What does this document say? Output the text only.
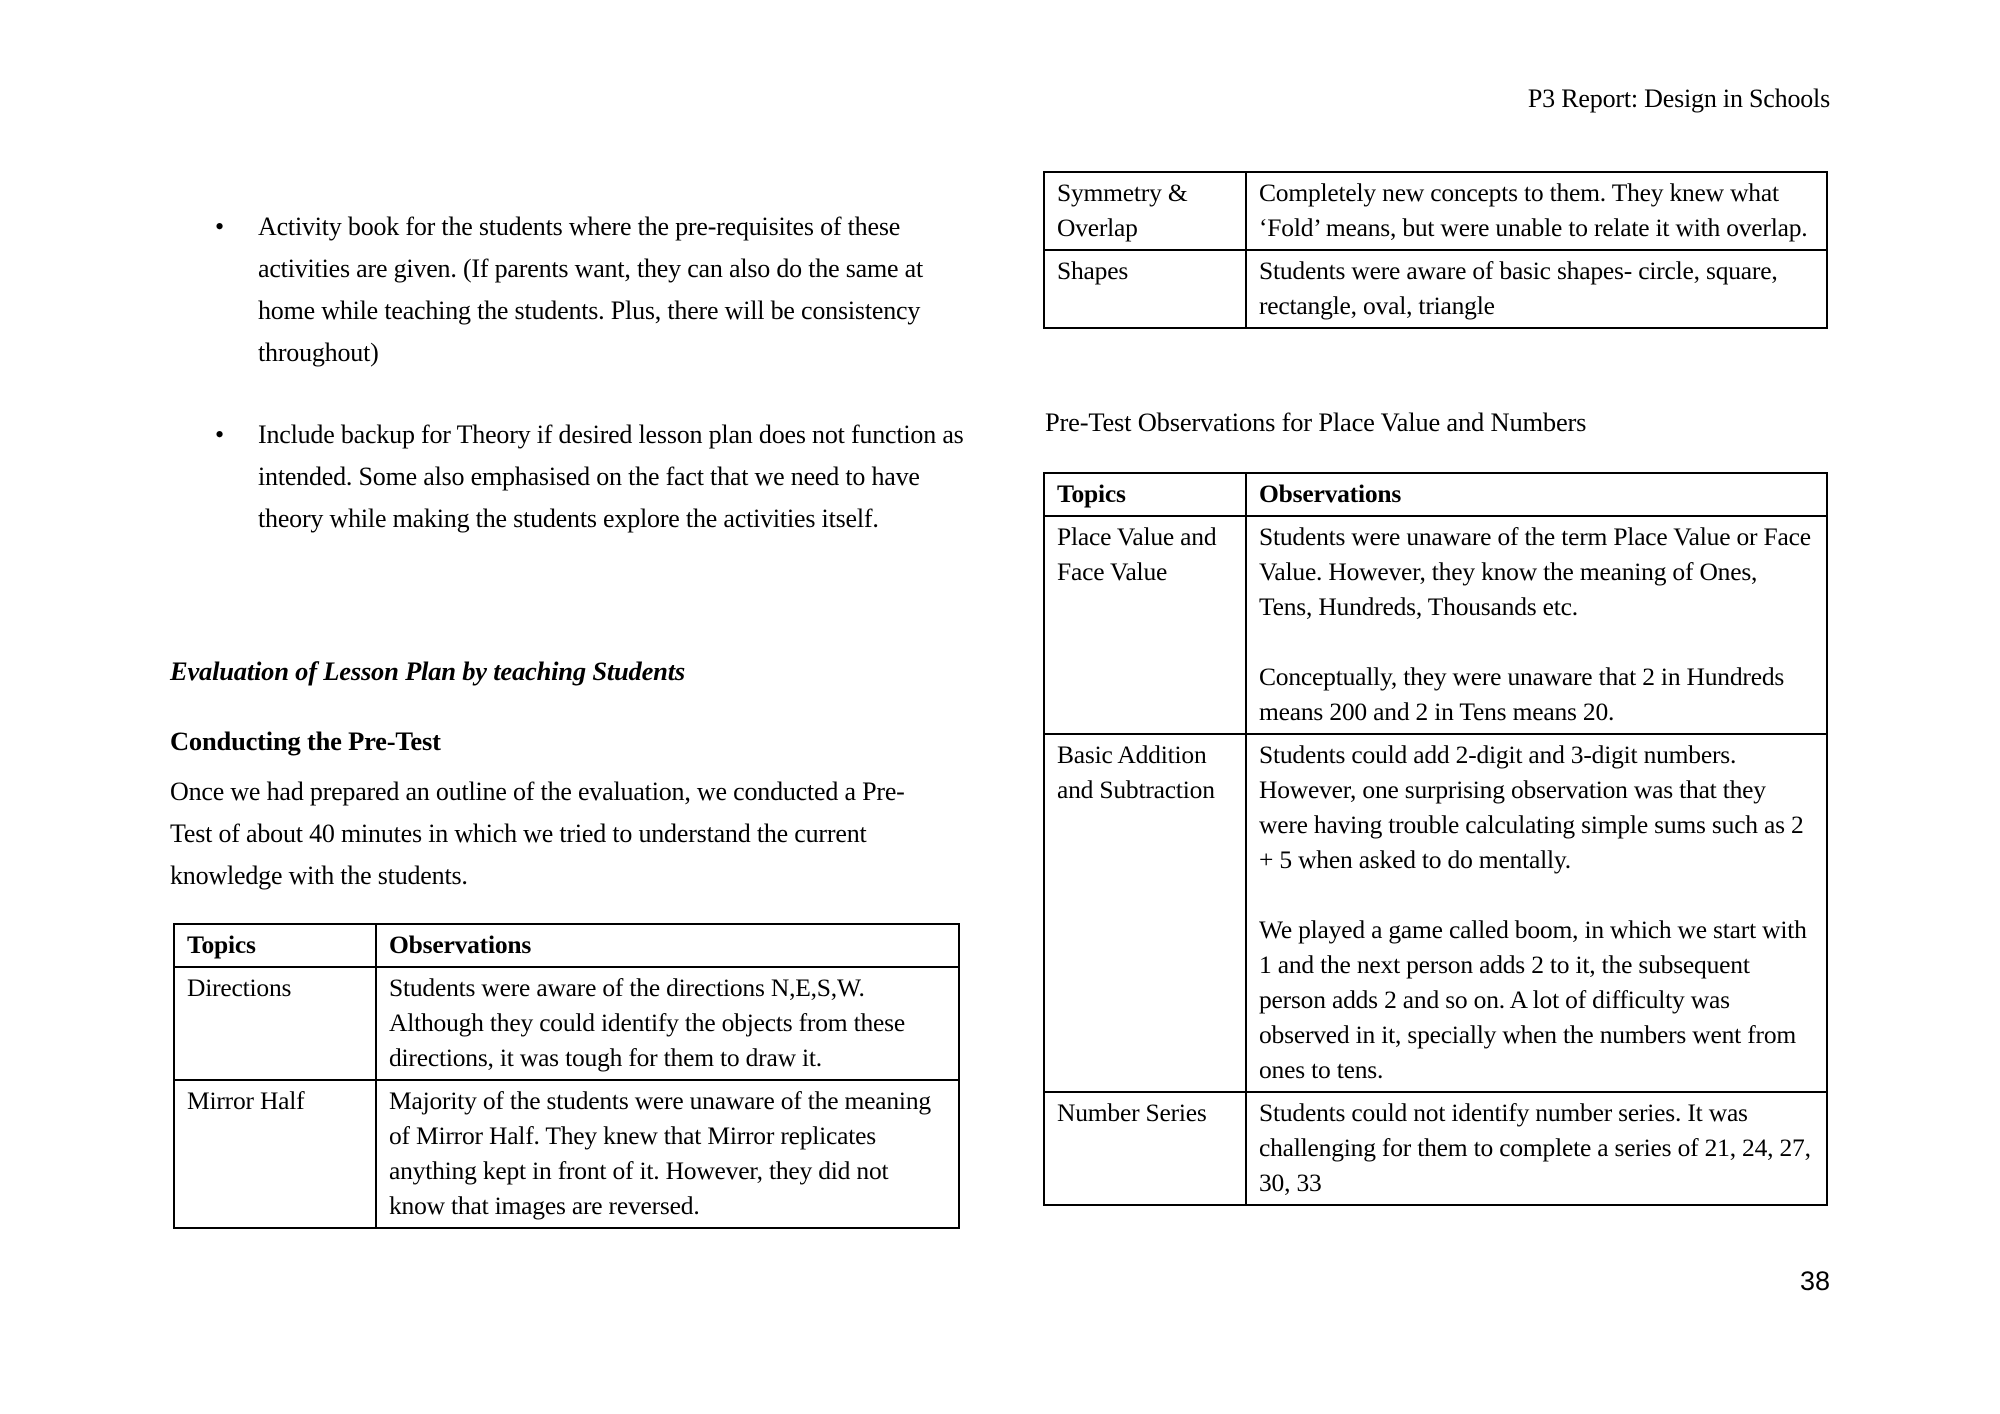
P3 Report: Design in Schools
•	Activity book for the students where the pre-requisites of these activities are given. (If parents want, they can also do the same at home while teaching the students. Plus, there will be consistency throughout)
•	Include backup for Theory if desired lesson plan does not function as intended. Some also emphasised on the fact that we need to have theory while making the students explore the activities itself.
Evaluation of Lesson Plan by teaching Students
Conducting the Pre-Test
Once we had prepared an outline of the evaluation, we conducted a Pre-Test of about 40 minutes in which we tried to understand the current knowledge with the students.
Topics	Observations
Directions	Students were aware of the directions N,E,S,W. Although they could identify the objects from these directions, it was tough for them to draw it.
Mirror Half	Majority of the students were unaware of the meaning of Mirror Half. They knew that Mirror replicates anything kept in front of it. However, they did not know that images are reversed.
Symmetry & Overlap	Completely new concepts to them. They knew what ‘Fold’ means, but were unable to relate it with overlap.
Shapes	Students were aware of basic shapes- circle, square, rectangle, oval, triangle
Pre-Test Observations for Place Value and Numbers
Topics	Observations
Place Value and Face Value	Students were unaware of the term Place Value or Face Value. However, they know the meaning of Ones, Tens, Hundreds, Thousands etc.

Conceptually, they were unaware that 2 in Hundreds means 200 and 2 in Tens means 20.

Basic Addition and Subtraction	Students could add 2-digit and 3-digit numbers. However, one surprising observation was that they were having trouble calculating simple sums such as 2 + 5 when asked to do mentally.

We played a game called boom, in which we start with 1 and the next person adds 2 to it, the subsequent person adds 2 and so on. A lot of difficulty was observed in it, specially when the numbers went from ones to tens.

Number Series	Students could not identify number series. It was challenging for them to complete a series of 21, 24, 27, 30, 33

38
